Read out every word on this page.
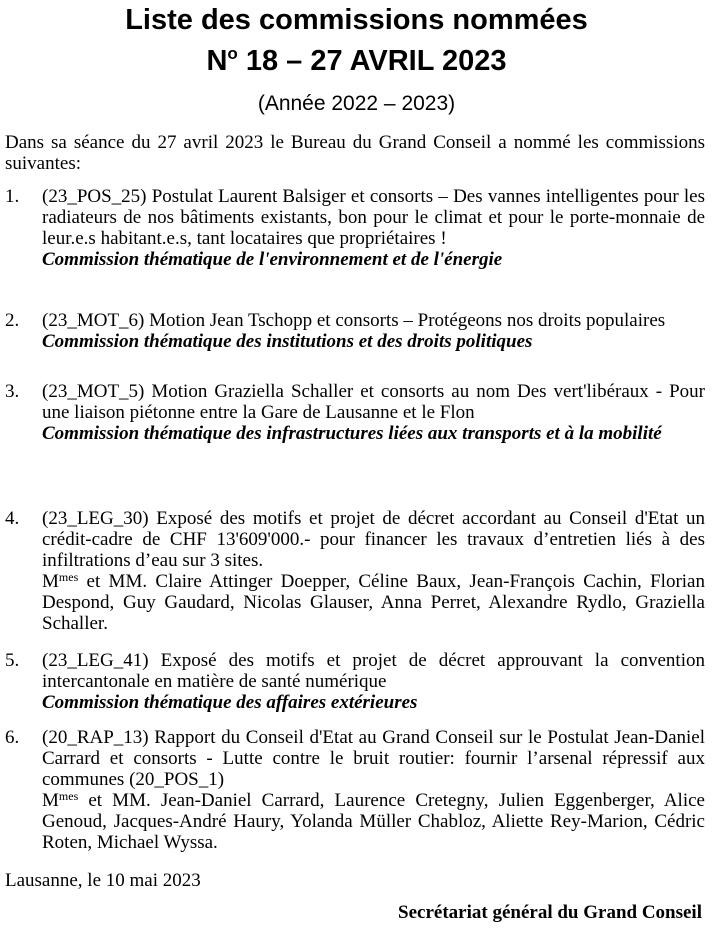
Liste des commissions nommées
$N^o$ 18 – 27 AVRIL 2023
(Année 2022 – 2023)
Dans sa séance du 27 avril 2023 le Bureau du Grand Conseil a nommé les commissions suivantes:
1.	(23_POS_25) Postulat Laurent Balsiger et consorts – Des vannes intelligentes pour les radiateurs de nos bâtiments existants, bon pour le climat et pour le porte-monnaie de leur.e.s habitant.e.s, tant locataires que propriétaires !
Commission thématique de l'environnement et de l'énergie
2.	(23_MOT_6) Motion Jean Tschopp et consorts – Protégeons nos droits populaires
Commission thématique des institutions et des droits politiques
3.	(23_MOT_5) Motion Graziella Schaller et consorts au nom Des vert'libéraux - Pour une liaison piétonne entre la Gare de Lausanne et le Flon
Commission thématique des infrastructures liées aux transports et à la mobilité
4.	(23_LEG_30) Exposé des motifs et projet de décret accordant au Conseil d'Etat un crédit-cadre de CHF 13'609'000.- pour financer les travaux d’entretien liés à des infiltrations d’eau sur 3 sites.
$M^{mes}$ et MM. Claire Attinger Doepper, Céline Baux, Jean-François Cachin, Florian Despond, Guy Gaudard, Nicolas Glauser, Anna Perret, Alexandre Rydlo, Graziella Schaller.
5.	(23_LEG_41) Exposé des motifs et projet de décret approuvant la convention intercantonale en matière de santé numérique
Commission thématique des affaires extérieures
6.	(20_RAP_13) Rapport du Conseil d'Etat au Grand Conseil sur le Postulat Jean-Daniel Carrard et consorts - Lutte contre le bruit routier: fournir l’arsenal répressif aux communes (20_POS_1)
$M^{mes}$ et MM. Jean-Daniel Carrard, Laurence Cretegny, Julien Eggenberger, Alice Genoud, Jacques-André Haury, Yolanda Müller Chabloz, Aliette Rey-Marion, Cédric Roten, Michael Wyssa.
Lausanne, le 10 mai 2023
Secrétariat général du Grand Conseil
